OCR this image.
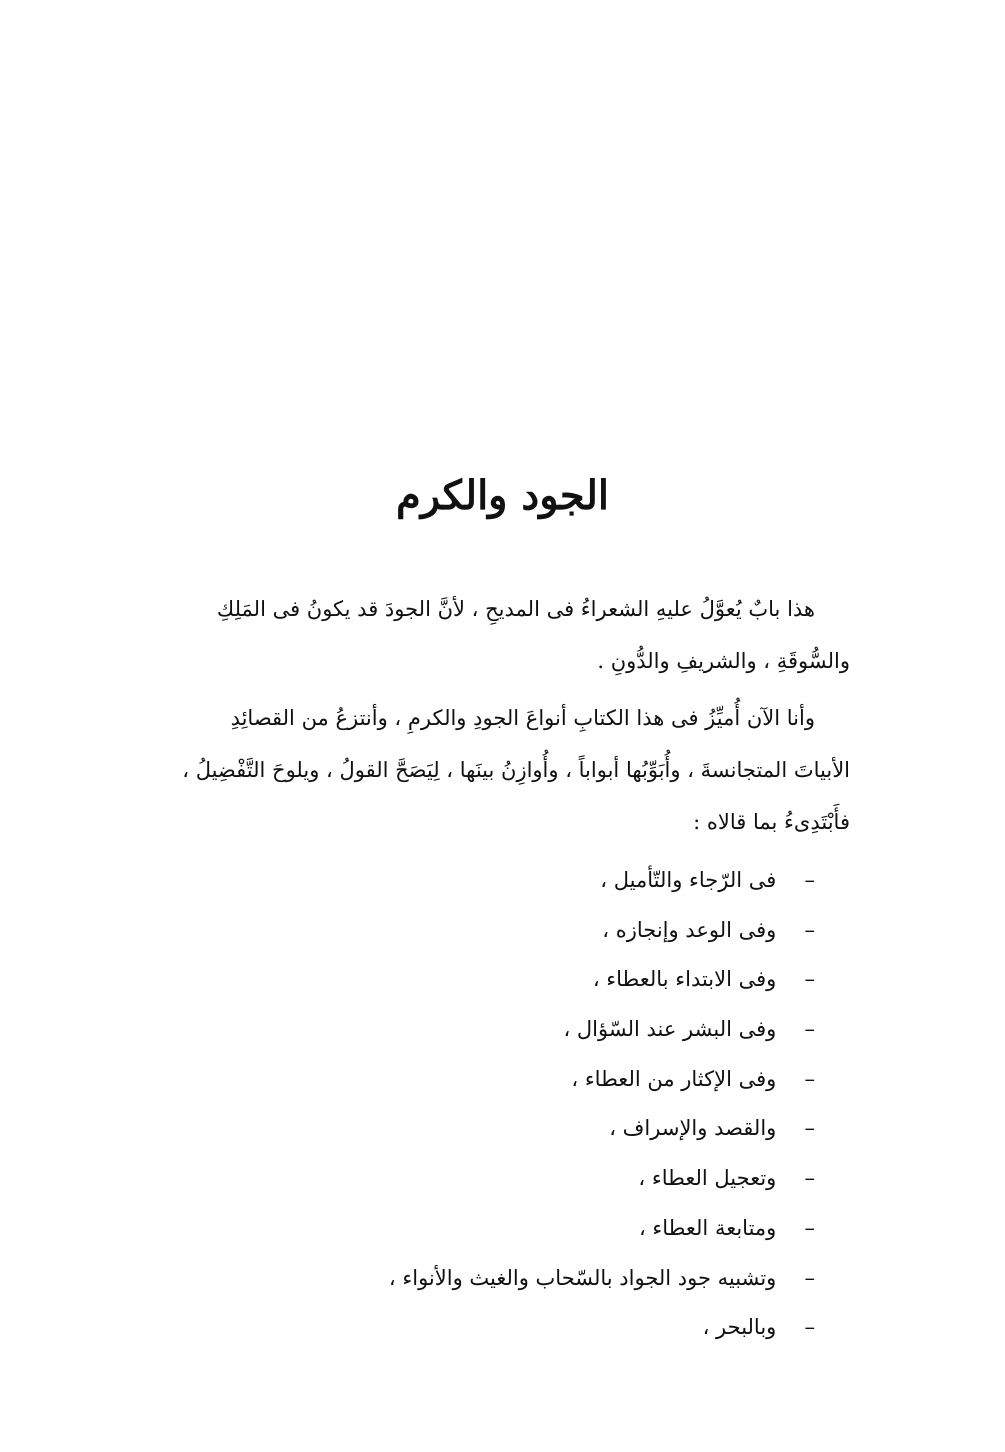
الجود والكرم

هذا بابٌ يُعوَّلُ عليهِ الشعراءُ فى المديحِ ، لأنَّ الجودَ قد يكونُ فى المَلِكِ
والسُّوقَةِ ، والشريفِ والدُّونِ .

وأنا الآن أُميِّزُ فى هذا الكتابِ أنواعَ الجودِ والكرمِ ، وأنتزعُ من القصائِدِ
الأبياتَ المتجانسةَ ، وأُبَوِّبُها أبواباً ، وأُوازِنُ بينَها ، لِيَصَحَّ القولُ ، ويلوحَ التَّفْضِيلُ ،
فأَبْتَدِىءُ بما قالاه :

– فى الرّجاء والتّأميل ،
– وفى الوعد وإنجازه ،
– وفى الابتداء بالعطاء ،
– وفى البشر عند السّؤال ،
– وفى الإكثار من العطاء ،
– والقصد والإسراف ،
– وتعجيل العطاء ،
– ومتابعة العطاء ،
– وتشبيه جود الجواد بالسّحاب والغيث والأنواء ،
– وبالبحر ،
